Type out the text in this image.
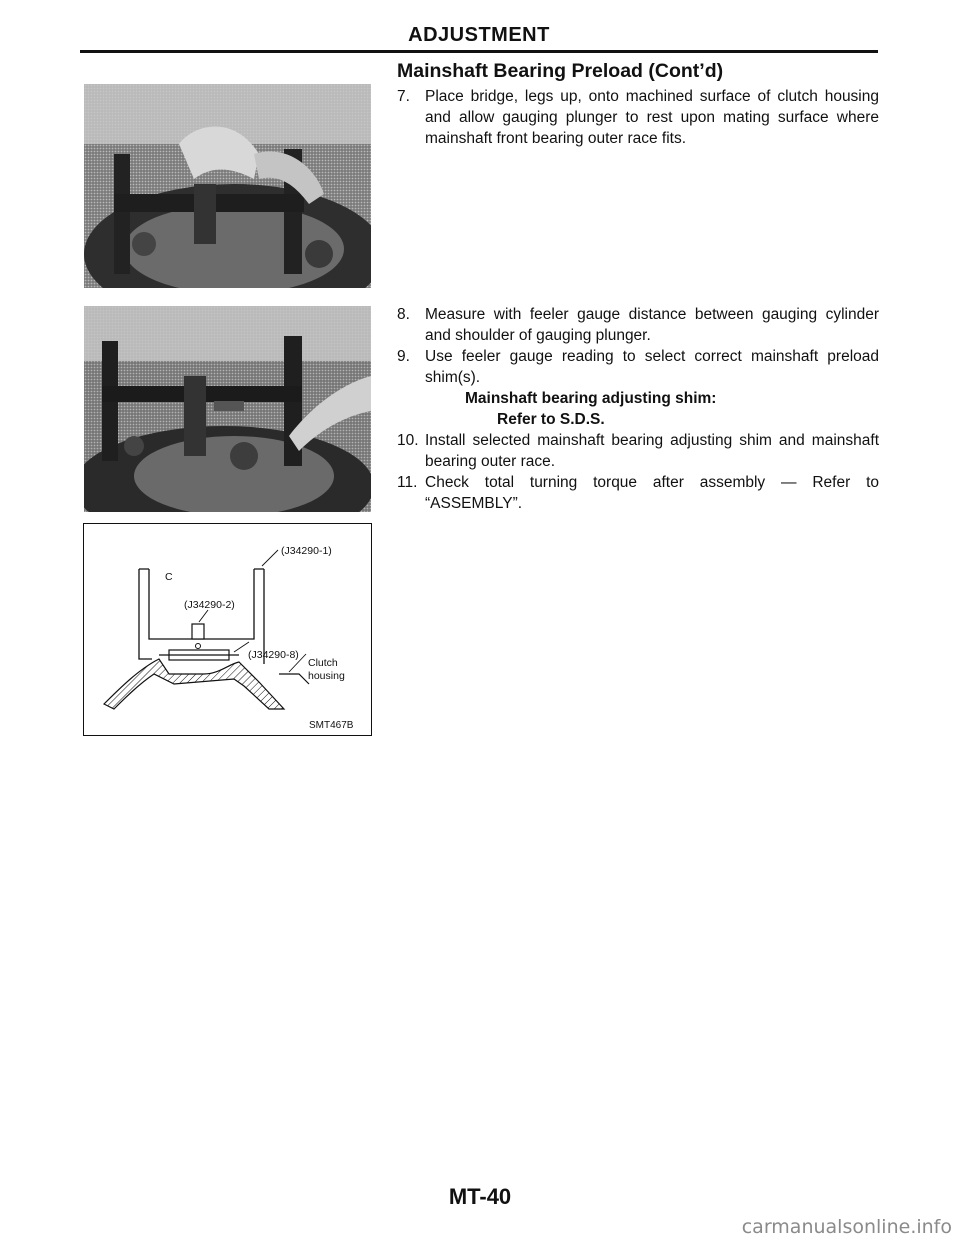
ADJUSTMENT
(J34290-1)
C
(J34290-2)
(J34290-8)
Clutch
housing
SMT467B
Mainshaft Bearing Preload (Cont’d)

7. Place bridge, legs up, onto machined surface of clutch housing and allow gauging plunger to rest upon mating surface where mainshaft front bearing outer race fits.

8. Measure with feeler gauge distance between gauging cylinder and shoulder of gauging plunger.

9. Use feeler gauge reading to select correct mainshaft preload shim(s).

Mainshaft bearing adjusting shim:

Refer to S.D.S.

10. Install selected mainshaft bearing adjusting shim and mainshaft bearing outer race.

11. Check total turning torque after assembly — Refer to “ASSEMBLY”.

MT-40
carmanualsonline.info
